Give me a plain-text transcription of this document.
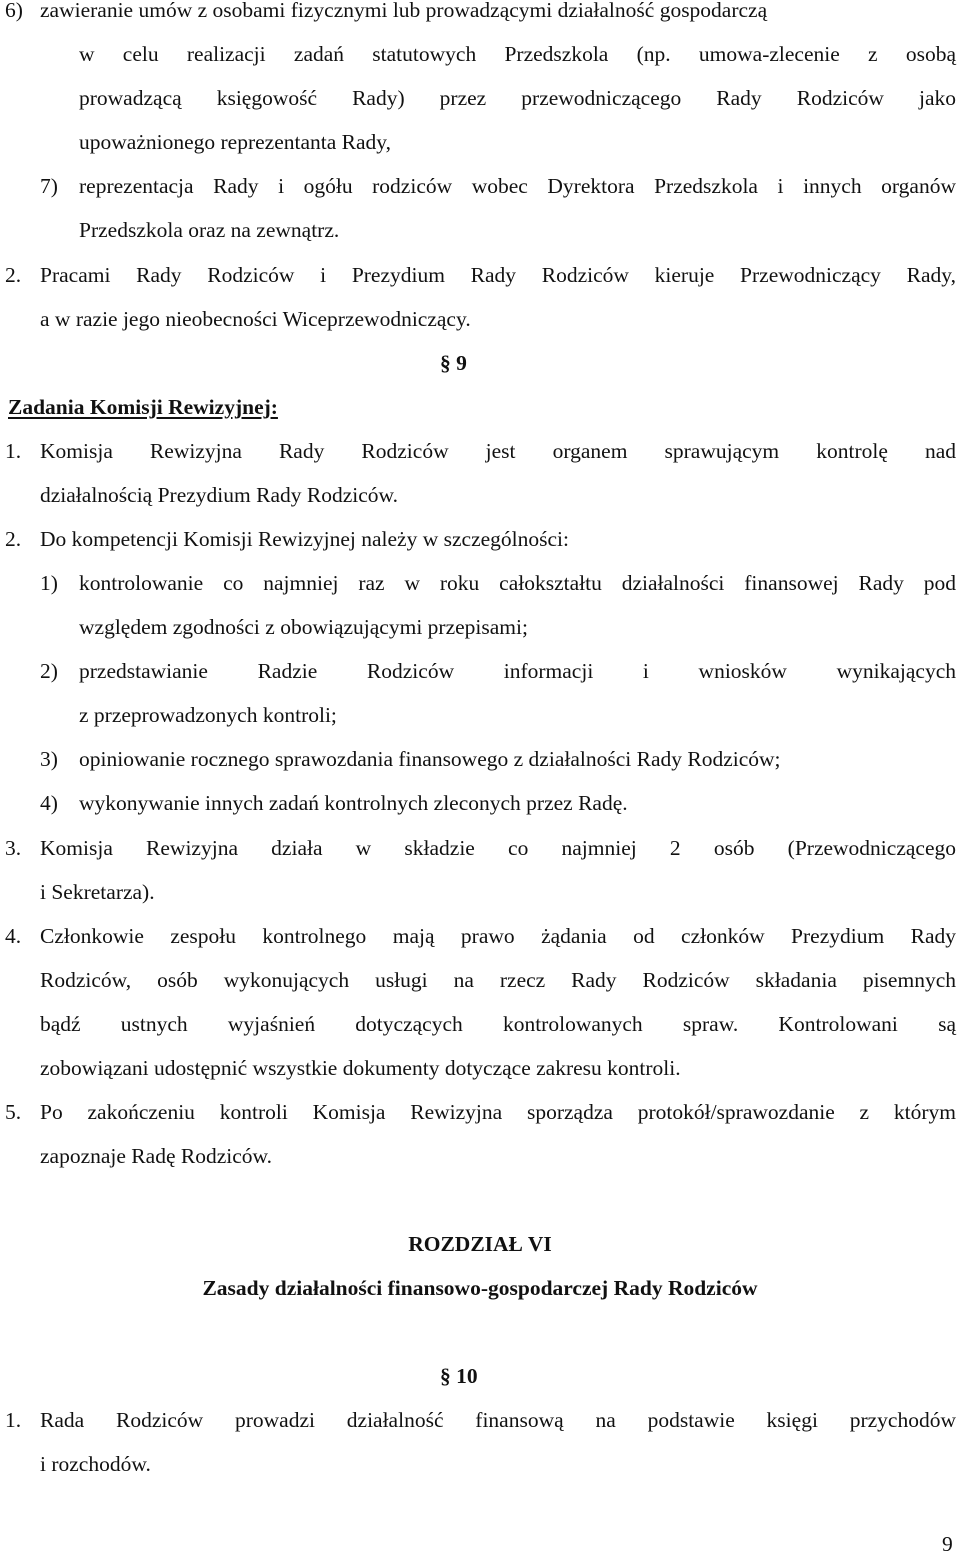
6) zawieranie umów z osobami fizycznymi lub prowadzącymi działalność gospodarczą
w celu realizacji zadań statutowych Przedszkola (np. umowa-zlecenie z osobą
prowadzącą księgowość Rady) przez przewodniczącego Rady Rodziców jako
upoważnionego reprezentanta Rady,
7) reprezentacja Rady i ogółu rodziców wobec Dyrektora Przedszkola i innych organów
Przedszkola oraz na zewnątrz.
2. Pracami Rady Rodziców i Prezydium Rady Rodziców kieruje Przewodniczący Rady,
a w razie jego nieobecności Wiceprzewodniczący.
§ 9
Zadania Komisji Rewizyjnej:
1. Komisja Rewizyjna Rady Rodziców jest organem sprawującym kontrolę nad
działalnością Prezydium Rady Rodziców.
2. Do kompetencji Komisji Rewizyjnej należy w szczególności:
1) kontrolowanie co najmniej raz w roku całokształtu działalności finansowej Rady pod
względem zgodności z obowiązującymi przepisami;
2) przedstawianie Radzie Rodziców informacji i wniosków wynikających
z przeprowadzonych kontroli;
3) opiniowanie rocznego sprawozdania finansowego z działalności Rady Rodziców;
4) wykonywanie innych zadań kontrolnych zleconych przez Radę.
3. Komisja Rewizyjna działa w składzie co najmniej 2 osób (Przewodniczącego
i Sekretarza).
4. Członkowie zespołu kontrolnego mają prawo żądania od członków Prezydium Rady
Rodziców, osób wykonujących usługi na rzecz Rady Rodziców składania pisemnych
bądź ustnych wyjaśnień dotyczących kontrolowanych spraw. Kontrolowani są
zobowiązani udostępnić wszystkie dokumenty dotyczące zakresu kontroli.
5. Po zakończeniu kontroli Komisja Rewizyjna sporządza protokół/sprawozdanie z którym
zapoznaje Radę Rodziców.
ROZDZIAŁ VI
Zasady działalności finansowo-gospodarczej Rady Rodziców
§ 10
1. Rada Rodziców prowadzi działalność finansową na podstawie księgi przychodów
i rozchodów.
9
